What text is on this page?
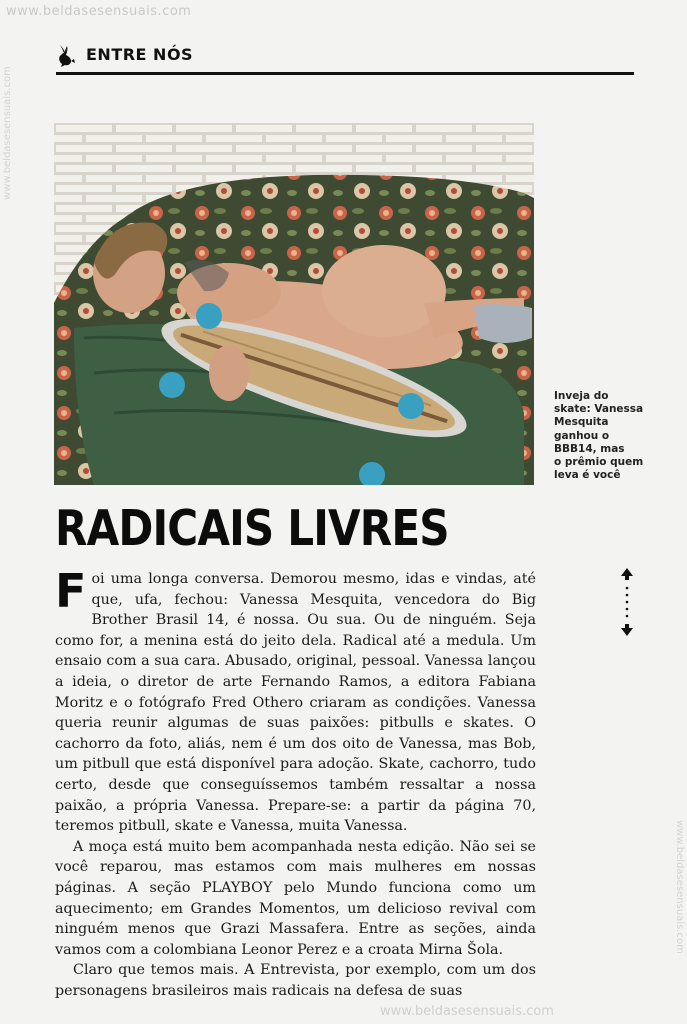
www.beldasesensuais.com
www.beldasesensuais.com
www.beldasesensuais.com
www.beldasesensuais.com
ENTRE NÓS
Inveja do
skate: Vanessa
Mesquita
ganhou o
BBB14, mas
o prêmio quem
leva é você
RADICAIS LIVRES

Foi uma longa conversa. Demorou mesmo, idas e vindas, até que, ufa, fechou: Vanessa Mesquita, vencedora do Big Brother Brasil 14, é nossa. Ou sua. Ou de ninguém. Seja como for, a menina está do jeito dela. Radical até a medula. Um ensaio com a sua cara. Abusado, original, pessoal. Vanessa lançou a ideia, o diretor de arte Fernando Ramos, a editora Fabiana Moritz e o fotógrafo Fred Othero criaram as condições. Vanessa queria reunir algumas de suas paixões: pitbulls e skates. O cachorro da foto, aliás, nem é um dos oito de Vanessa, mas Bob, um pitbull que está disponível para adoção. Skate, cachorro, tudo certo, desde que conseguíssemos também ressaltar a nossa paixão, a própria Vanessa. Prepare-se: a partir da página 70, teremos pitbull, skate e Vanessa, muita Vanessa.

A moça está muito bem acompanhada nesta edição. Não sei se você reparou, mas estamos com mais mulheres em nossas páginas. A seção PLAYBOY pelo Mundo funciona como um aquecimento; em Grandes Momentos, um delicioso revival com ninguém menos que Grazi Massafera. Entre as seções, ainda vamos com a colombiana Leonor Perez e a croata Mirna Šola.

Claro que temos mais. A Entrevista, por exemplo, com um dos personagens brasileiros mais radicais na defesa de suas
